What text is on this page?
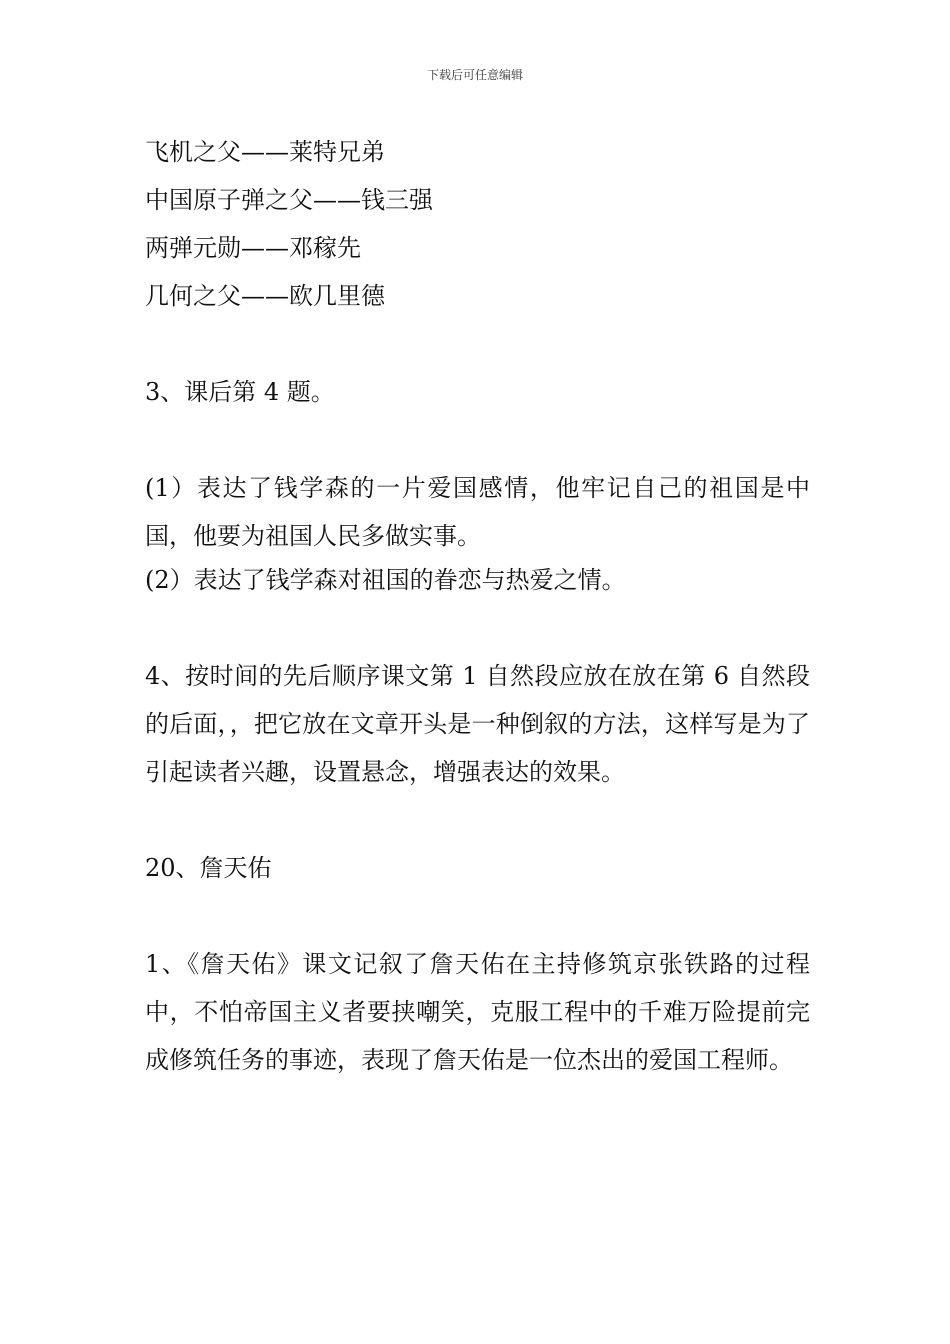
下载后可任意编辑
飞机之父——莱特兄弟
中国原子弹之父——钱三强
两弹元勋——邓稼先
几何之父——欧几里德
3、课后第 4 题。
(1）表达了钱学森的一片爱国感情，他牢记自己的祖国是中国，他要为祖国人民多做实事。
(2）表达了钱学森对祖国的眷恋与热爱之情。
4、按时间的先后顺序课文第 1 自然段应放在放在第 6 自然段的后面，，把它放在文章开头是一种倒叙的方法，这样写是为了引起读者兴趣，设置悬念，增强表达的效果。
20、詹天佑
1、《詹天佑》课文记叙了詹天佑在主持修筑京张铁路的过程中，不怕帝国主义者要挟嘲笑，克服工程中的千难万险提前完成修筑任务的事迹，表现了詹天佑是一位杰出的爱国工程师。
